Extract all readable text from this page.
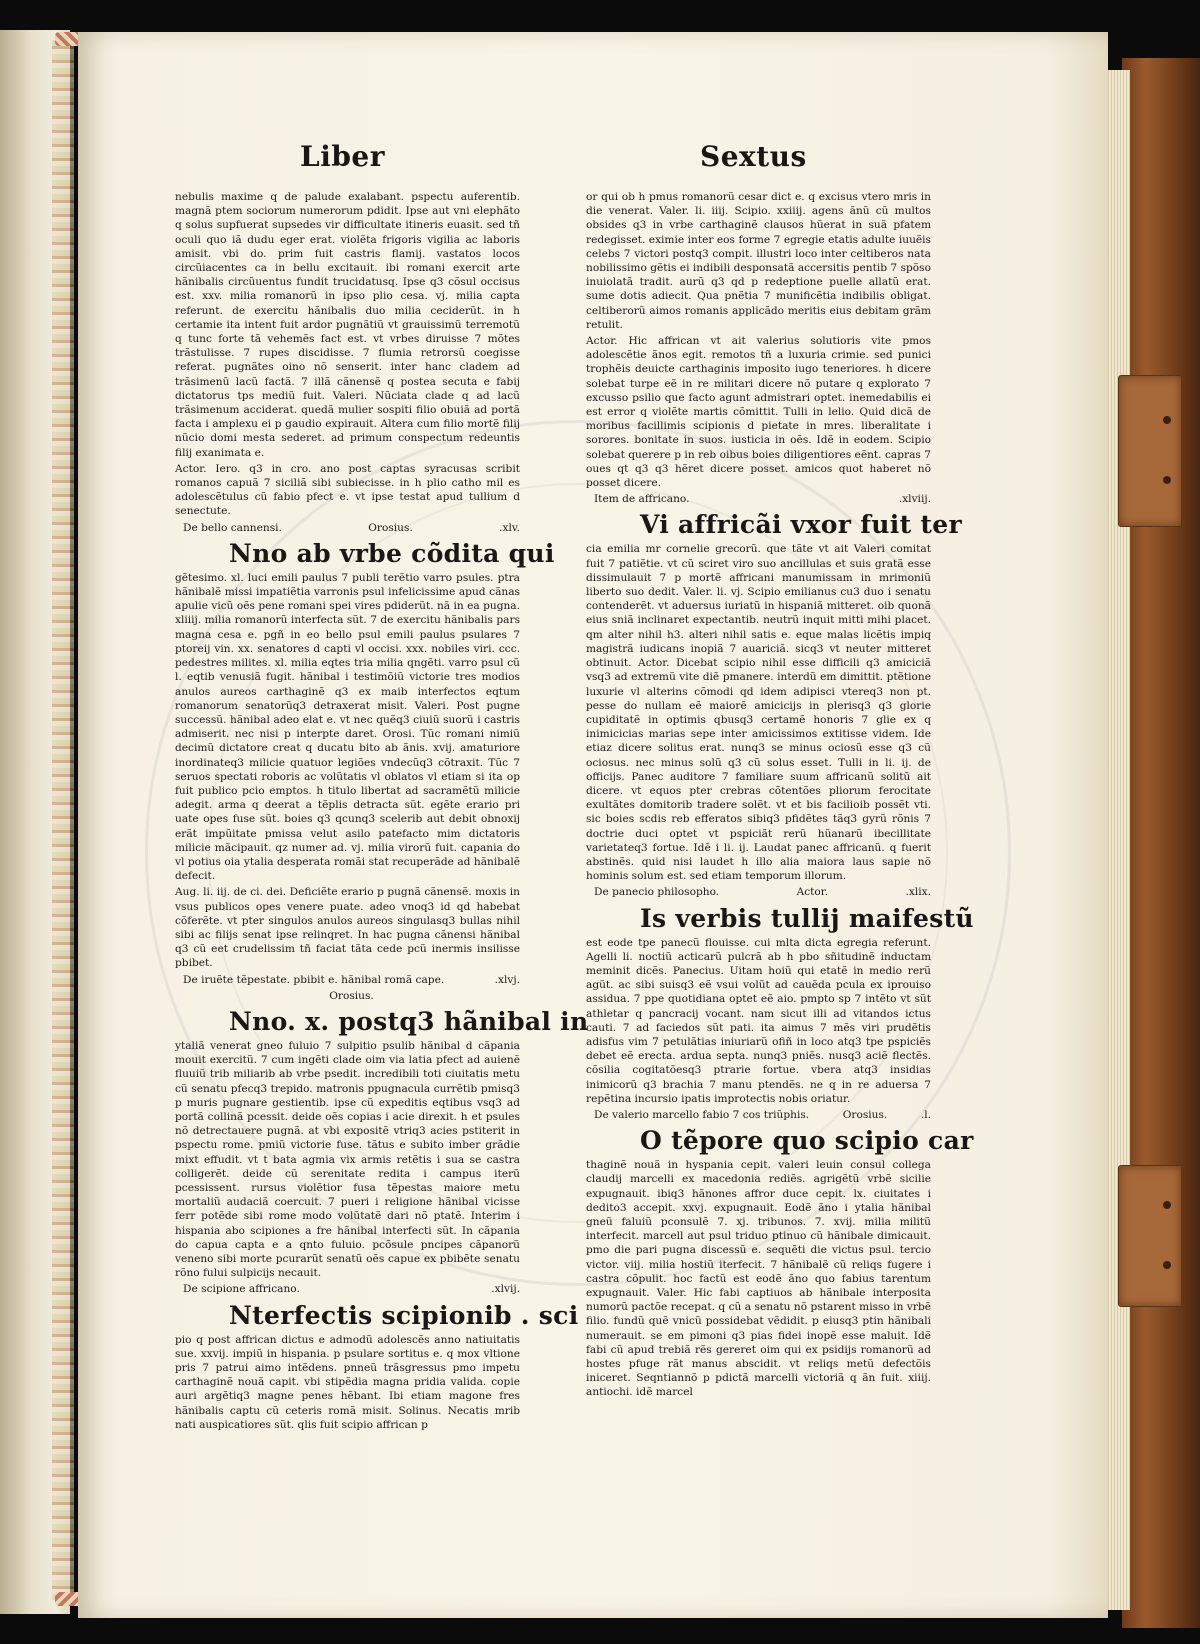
Liber	Sextus

nebulis maxime q de palude exalabant. pspectu auferentib. magnã ptem sociorum numerorum pdidit. Ipse aut vni elephãto q solus supfuerat supsedes vir difficultate itineris euasit. sed tñ oculi quo iã dudu eger erat. violẽta frigoris vigilia ac laboris amisit. vbi do. prim fuit castris flamij. vastatos locos circũiacentes ca in bellu excitauit. ibi romani exercit arte hãnibalis circũuentus fundit trucidatusq. Ipse q3 cõsul occisus est. xxv. milia romanorũ in ipso plio cesa. vj. milia capta referunt. de exercitu hãnibalis duo milia ceciderũt. in h certamie ita intent fuit ardor pugnãtiũ vt grauissimũ terremotũ q tunc forte tã vehemẽs fact est. vt vrbes diruisse 7 mõtes trãstulisse. 7 rupes discidisse. 7 flumia retrorsũ coegisse referat. pugnãtes oino nõ senserit. inter hanc cladem ad trãsimenũ lacũ factã. 7 illã cãnensẽ q postea secuta e fabij dictatorus tps mediũ fuit. Valeri. Nũciata clade q ad lacũ trãsimenum acciderat. quedã mulier sospiti filio obuiã ad portã facta i amplexu ei p gaudio expirauit. Altera cum filio mortẽ filij nũcio domi mesta sederet. ad primum conspectum redeuntis filij exanimata e.

Actor. Iero. q3 in cro. ano post captas syracusas scribit romanos capuã 7 siciliã sibi subiecisse. in h plio catho mil es adolescẽtulus cũ fabio pfect e. vt ipse testat apud tullium d senectute.

De bello cannensi.	Orosius.	.xlv.
Nno ab vrbe cõdita qui

gẽtesimo. xl. luci emili paulus 7 publi terẽtio varro psules. ptra hãnibalẽ missi impatiẽtia varronis psul infelicissime apud cãnas apulie vicũ oẽs pene romani spei vires pdiderũt. nã in ea pugna. xliiij. milia romanorũ interfecta sũt. 7 de exercitu hãnibalis pars magna cesa e. pgñ in eo bello psul emili paulus psulares 7 ptoreij vin. xx. senatores d capti vl occisi. xxx. nobiles viri. ccc. pedestres milites. xl. milia eqtes tria milia qngẽti. varro psul cũ l. eqtib venusiã fugit. hãnibal i testimõiũ victorie tres modios anulos aureos carthaginẽ q3 ex maib interfectos eqtum romanorum senatorũq3 detraxerat misit. Valeri. Post pugne successũ. hãnibal adeo elat e. vt nec quẽq3 ciuiũ suorũ i castris admiserit. nec nisi p interpte daret. Orosi. Tũc romani nimiũ decimũ dictatore creat q ducatu bito ab ãnis. xvij. amaturiore inordinateq3 milicie quatuor legiões vndecũq3 cõtraxit. Tũc 7 seruos spectati roboris ac volũtatis vl oblatos vl etiam si ita op fuit publico pcio emptos. h titulo libertat ad sacramẽtũ milicie adegit. arma q deerat a tẽplis detracta sũt. egẽte erario pri uate opes fuse sũt. boies q3 qcunq3 scelerib aut debit obnoxij erãt impũitate pmissa velut asilo patefacto mim dictatoris milicie mãcipauit. qz numer ad. vj. milia virorũ fuit. capania do vl potius oia ytalia desperata romãi stat recuperãde ad hãnibalẽ defecit.

Aug. li. iij. de ci. dei. Deficiẽte erario p pugnã cãnensẽ. moxis in vsus publicos opes venere puate. adeo vnoq3 id qd habebat cõferẽte. vt pter singulos anulos aureos singulasq3 bullas nihil sibi ac filijs senat ipse relinqret. In hac pugna cãnensi hãnibal q3 cũ eet crudelissim tñ faciat tãta cede pcũ inermis insilisse pbibet.

De iruẽte tẽpestate. pbibit e. hãnibal romã cape.	.xlvj.
Orosius.
Nno. x. postq3 hãnibal in

ytaliã venerat gneo fuluio 7 sulpitio psulib hãnibal d cãpania mouit exercitũ. 7 cum ingẽti clade oim via latia pfect ad auienẽ fluuiũ trib miliarib ab vrbe psedit. incredibili toti ciuitatis metu cũ senatu pfecq3 trepido. matronis ppugnacula currẽtib pmisq3 p muris pugnare gestientib. ipse cũ expeditis eqtibus vsq3 ad portã collinã pcessit. deide oẽs copias i acie direxit. h et psules nõ detrectauere pugnã. at vbi expositẽ vtriq3 acies pstiterit in pspectu rome. pmiũ victorie fuse. tãtus e subito imber grãdie mixt effudit. vt t bata agmia vix armis retẽtis i sua se castra colligerẽt. deide cũ serenitate redita i campus iterũ pcessissent. rursus violẽtior fusa tẽpestas maiore metu mortaliũ audaciã coercuit. 7 pueri i religione hãnibal vicisse ferr potẽde sibi rome modo volũtatẽ dari nõ ptatẽ. Interim i hispania abo scipiones a fre hãnibal interfecti sũt. In cãpania do capua capta e a qnto fuluio. pcõsule pncipes cãpanorũ veneno sibi morte pcurarũt senatũ oẽs capue ex pbibẽte senatu rõno fului sulpicijs necauit.

De scipione affricano.	.xlvij.
Nterfectis scipionib . sci

pio q post affrican dictus e admodũ adolescẽs anno natiuitatis sue. xxvij. impiũ in hispania. p psulare sortitus e. q mox vltione pris 7 patrui aimo intẽdens. pnneũ trãsgressus pmo impetu carthaginẽ nouã capit. vbi stipẽdia magna pridia valida. copie auri argẽtiq3 magne penes hẽbant. Ibi etiam magone fres hãnibalis captu cũ ceteris romã misit. Solinus. Necatis mrib nati auspicatiores sũt. qlis fuit scipio affrican p

or qui ob h pmus romanorũ cesar dict e. q excisus vtero mris in die venerat. Valer. li. iiij. Scipio. xxiiij. agens ãnũ cũ multos obsides q3 in vrbe carthaginẽ clausos hũerat in suã pfatem redegisset. eximie inter eos forme 7 egregie etatis adulte iuuẽis celebs 7 victori postq3 compit. illustri loco inter celtiberos nata nobilissimo gẽtis ei indibili desponsatã accersitis pentib 7 spõso inuiolatã tradit. aurũ q3 qd p redeptione puelle allatũ erat. sume dotis adiecit. Qua pnẽtia 7 munificẽtia indibilis obligat. celtiberorũ aimos romanis applicãdo meritis eius debitam grãm retulit.

Actor. Hic affrican vt ait valerius solutioris vite pmos adolescẽtie ãnos egit. remotos tñ a luxuria crimie. sed punici trophẽis deuicte carthaginis imposito iugo teneriores. h dicere solebat turpe eẽ in re militari dicere nõ putare q explorato 7 excusso psilio que facto agunt admistrari optet. inemedabilis ei est error q violẽte martis cõmittit. Tulli in lelio. Quid dicã de moribus facillimis scipionis d pietate in mres. liberalitate i sorores. bonitate in suos. iusticia in oẽs. Idẽ in eodem. Scipio solebat querere p in reb oibus boies diligentiores eẽnt. capras 7 oues qt q3 q3 hẽret dicere posset. amicos quot haberet nõ posset dicere.

Item de affricano.	.xlviij.
Vi affricãi vxor fuit ter

cia emilia mr cornelie grecorũ. que tãte vt ait Valeri comitat fuit 7 patiẽtie. vt cũ sciret viro suo ancillulas et suis gratã esse dissimulauit 7 p mortẽ affricani manumissam in mrimoniũ liberto suo dedit. Valer. li. vj. Scipio emilianus cu3 duo i senatu contenderẽt. vt aduersus iuriatũ in hispaniã mitteret. oib quonã eius sniã inclinaret expectantib. neutrũ inquit mitti mihi placet. qm alter nihil h3. alteri nihil satis e. eque malas licẽtis impiq magistrã iudicans inopiã 7 auariciã. sicq3 vt neuter mitteret obtinuit. Actor. Dicebat scipio nihil esse difficili q3 amiciciã vsq3 ad extremũ vite diẽ pmanere. interdũ em dimittit. ptẽtione luxurie vl alterins cõmodi qd idem adipisci vtereq3 non pt. pesse do nullam eẽ maiorẽ amicicijs in plerisq3 q3 glorie cupiditatẽ in optimis qbusq3 certamẽ honoris 7 glie ex q inimicicias marias sepe inter amicissimos extitisse videm. Ide etiaz dicere solitus erat. nunq3 se minus ociosũ esse q3 cũ ociosus. nec minus solũ q3 cũ solus esset. Tulli in li. ij. de officijs. Panec auditore 7 familiare suum affricanũ solitũ ait dicere. vt equos pter crebras cõtentões pliorum ferocitate exultãtes domitorib tradere solẽt. vt et bis facilioib possẽt vti. sic boies scdis reb efferatos sibiq3 pfidẽtes tãq3 gyrũ rõnis 7 doctrie duci optet vt pspiciãt rerũ hũanarũ ibecillitate varietateq3 fortue. Idẽ i li. ij. Laudat panec affricanũ. q fuerit abstinẽs. quid nisi laudet h illo alia maiora laus sapie nõ hominis solum est. sed etiam temporum illorum.

De panecio philosopho.	Actor.	.xlix.
Is verbis tullij maifestũ

est eode tpe panecũ flouisse. cui mlta dicta egregia referunt. Agelli li. noctiũ acticarũ pulcrã ab h pbo sñitudinẽ inductam meminit dicẽs. Panecius. Uitam hoiũ qui etatẽ in medio rerũ agũt. ac sibi suisq3 eẽ vsui volũt ad cauẽda pcula ex iprouiso assidua. 7 ppe quotidiana optet eẽ aio. pmpto sp 7 intẽto vt sũt athletar q pancracij vocant. nam sicut illi ad vitandos ictus cauti. 7 ad faciedos sũt pati. ita aimus 7 mẽs viri prudẽtis adisfus vim 7 petulãtias iniuriarũ ofiñ in loco atq3 tpe pspiciẽs debet eẽ erecta. ardua septa. nunq3 pniẽs. nusq3 aciẽ flectẽs. cõsilia cogitatõesq3 ptrarie fortue. vbera atq3 insidias inimicorũ q3 brachia 7 manu ptendẽs. ne q in re aduersa 7 repẽtina incursio ipatis improtectis nobis oriatur.

De valerio marcello fabio 7 cos triũphis.	Orosius.	.l.
O tẽpore quo scipio car

thaginẽ nouã in hyspania cepit. valeri leuin consul collega claudij marcelli ex macedonia rediẽs. agrigẽtũ vrbẽ sicilie expugnauit. ibiq3 hãnones affror duce cepit. lx. ciuitates i dedito3 accepit. xxvj. expugnauit. Eodẽ ãno i ytalia hãnibal gneũ faluiũ pconsulẽ 7. xj. tribunos. 7. xvij. milia militũ interfecit. marcell aut psul triduo ptinuo cũ hãnibale dimicauit. pmo die pari pugna discessũ e. sequẽti die victus psul. tercio victor. viij. milia hostiũ iterfecit. 7 hãnibalẽ cũ reliqs fugere i castra cõpulit. hoc factũ est eodẽ ãno quo fabius tarentum expugnauit. Valer. Hic fabi captiuos ab hãnibale interposita numorũ pactõe recepat. q cũ a senatu nõ pstarent misso in vrbẽ filio. fundũ quẽ vnicũ possidebat vẽdidit. p eiusq3 ptin hãnibali numerauit. se em pimoni q3 pias fidei inopẽ esse maluit. Idẽ fabi cũ apud trebiã rẽs gereret oim qui ex psidijs romanorũ ad hostes pfuge rãt manus abscidit. vt reliqs metũ defectõis iniceret. Seqntiannõ p pdictã marcelli victoriã q ãn fuit. xiiij. antiochi. idẽ marcel
